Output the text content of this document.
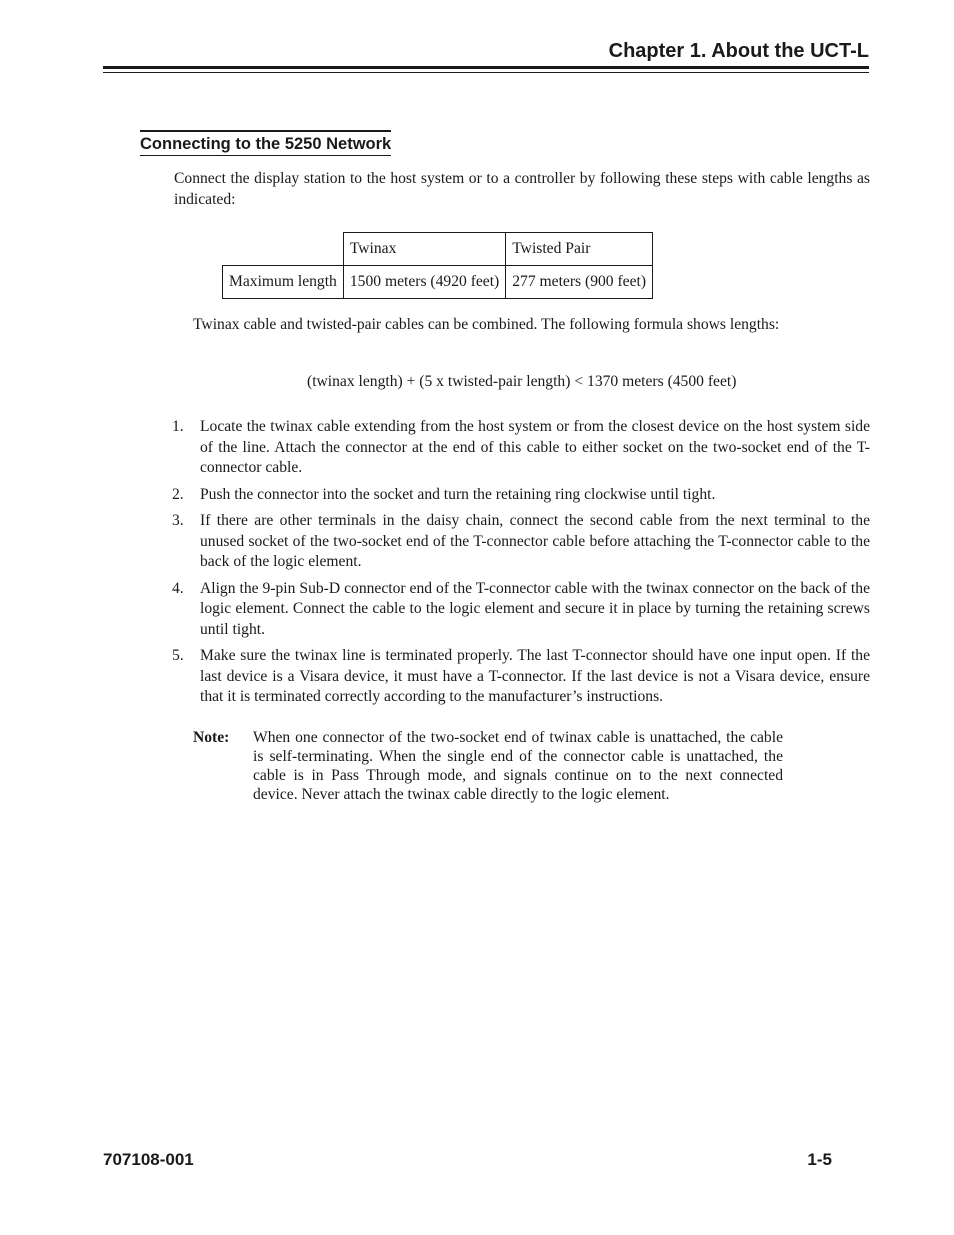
Chapter 1. About the UCT-L
Connecting to the 5250 Network
Connect the display station to the host system or to a controller by following these steps with cable lengths as indicated:
	Twinax	Twisted Pair
Maximum length	1500 meters (4920 feet)	277 meters (900 feet)
Twinax cable and twisted-pair cables can be combined. The following formula shows lengths:
(twinax length) + (5 x twisted-pair length) < 1370 meters (4500 feet)
1.	Locate the twinax cable extending from the host system or from the closest device on the host system side of the line. Attach the connector at the end of this cable to either socket on the two-socket end of the T-connector cable.
2.	Push the connector into the socket and turn the retaining ring clockwise until tight.
3.	If there are other terminals in the daisy chain, connect the second cable from the next terminal to the unused socket of the two-socket end of the T-connector cable before attaching the T-connector cable to the back of the logic element.
4.	Align the 9-pin Sub-D connector end of the T-connector cable with the twinax connector on the back of the logic element. Connect the cable to the logic element and secure it in place by turning the retaining screws until tight.
5.	Make sure the twinax line is terminated properly. The last T-connector should have one input open. If the last device is a Visara device, it must have a T-connector. If the last device is not a Visara device, ensure that it is terminated correctly according to the manufacturer’s instructions.
Note:	When one connector of the two-socket end of twinax cable is unattached, the cable is self-terminating. When the single end of the connector cable is unattached, the cable is in Pass Through mode, and signals continue on to the next connected device. Never attach the twinax cable directly to the logic element.
707108-001	1-5
